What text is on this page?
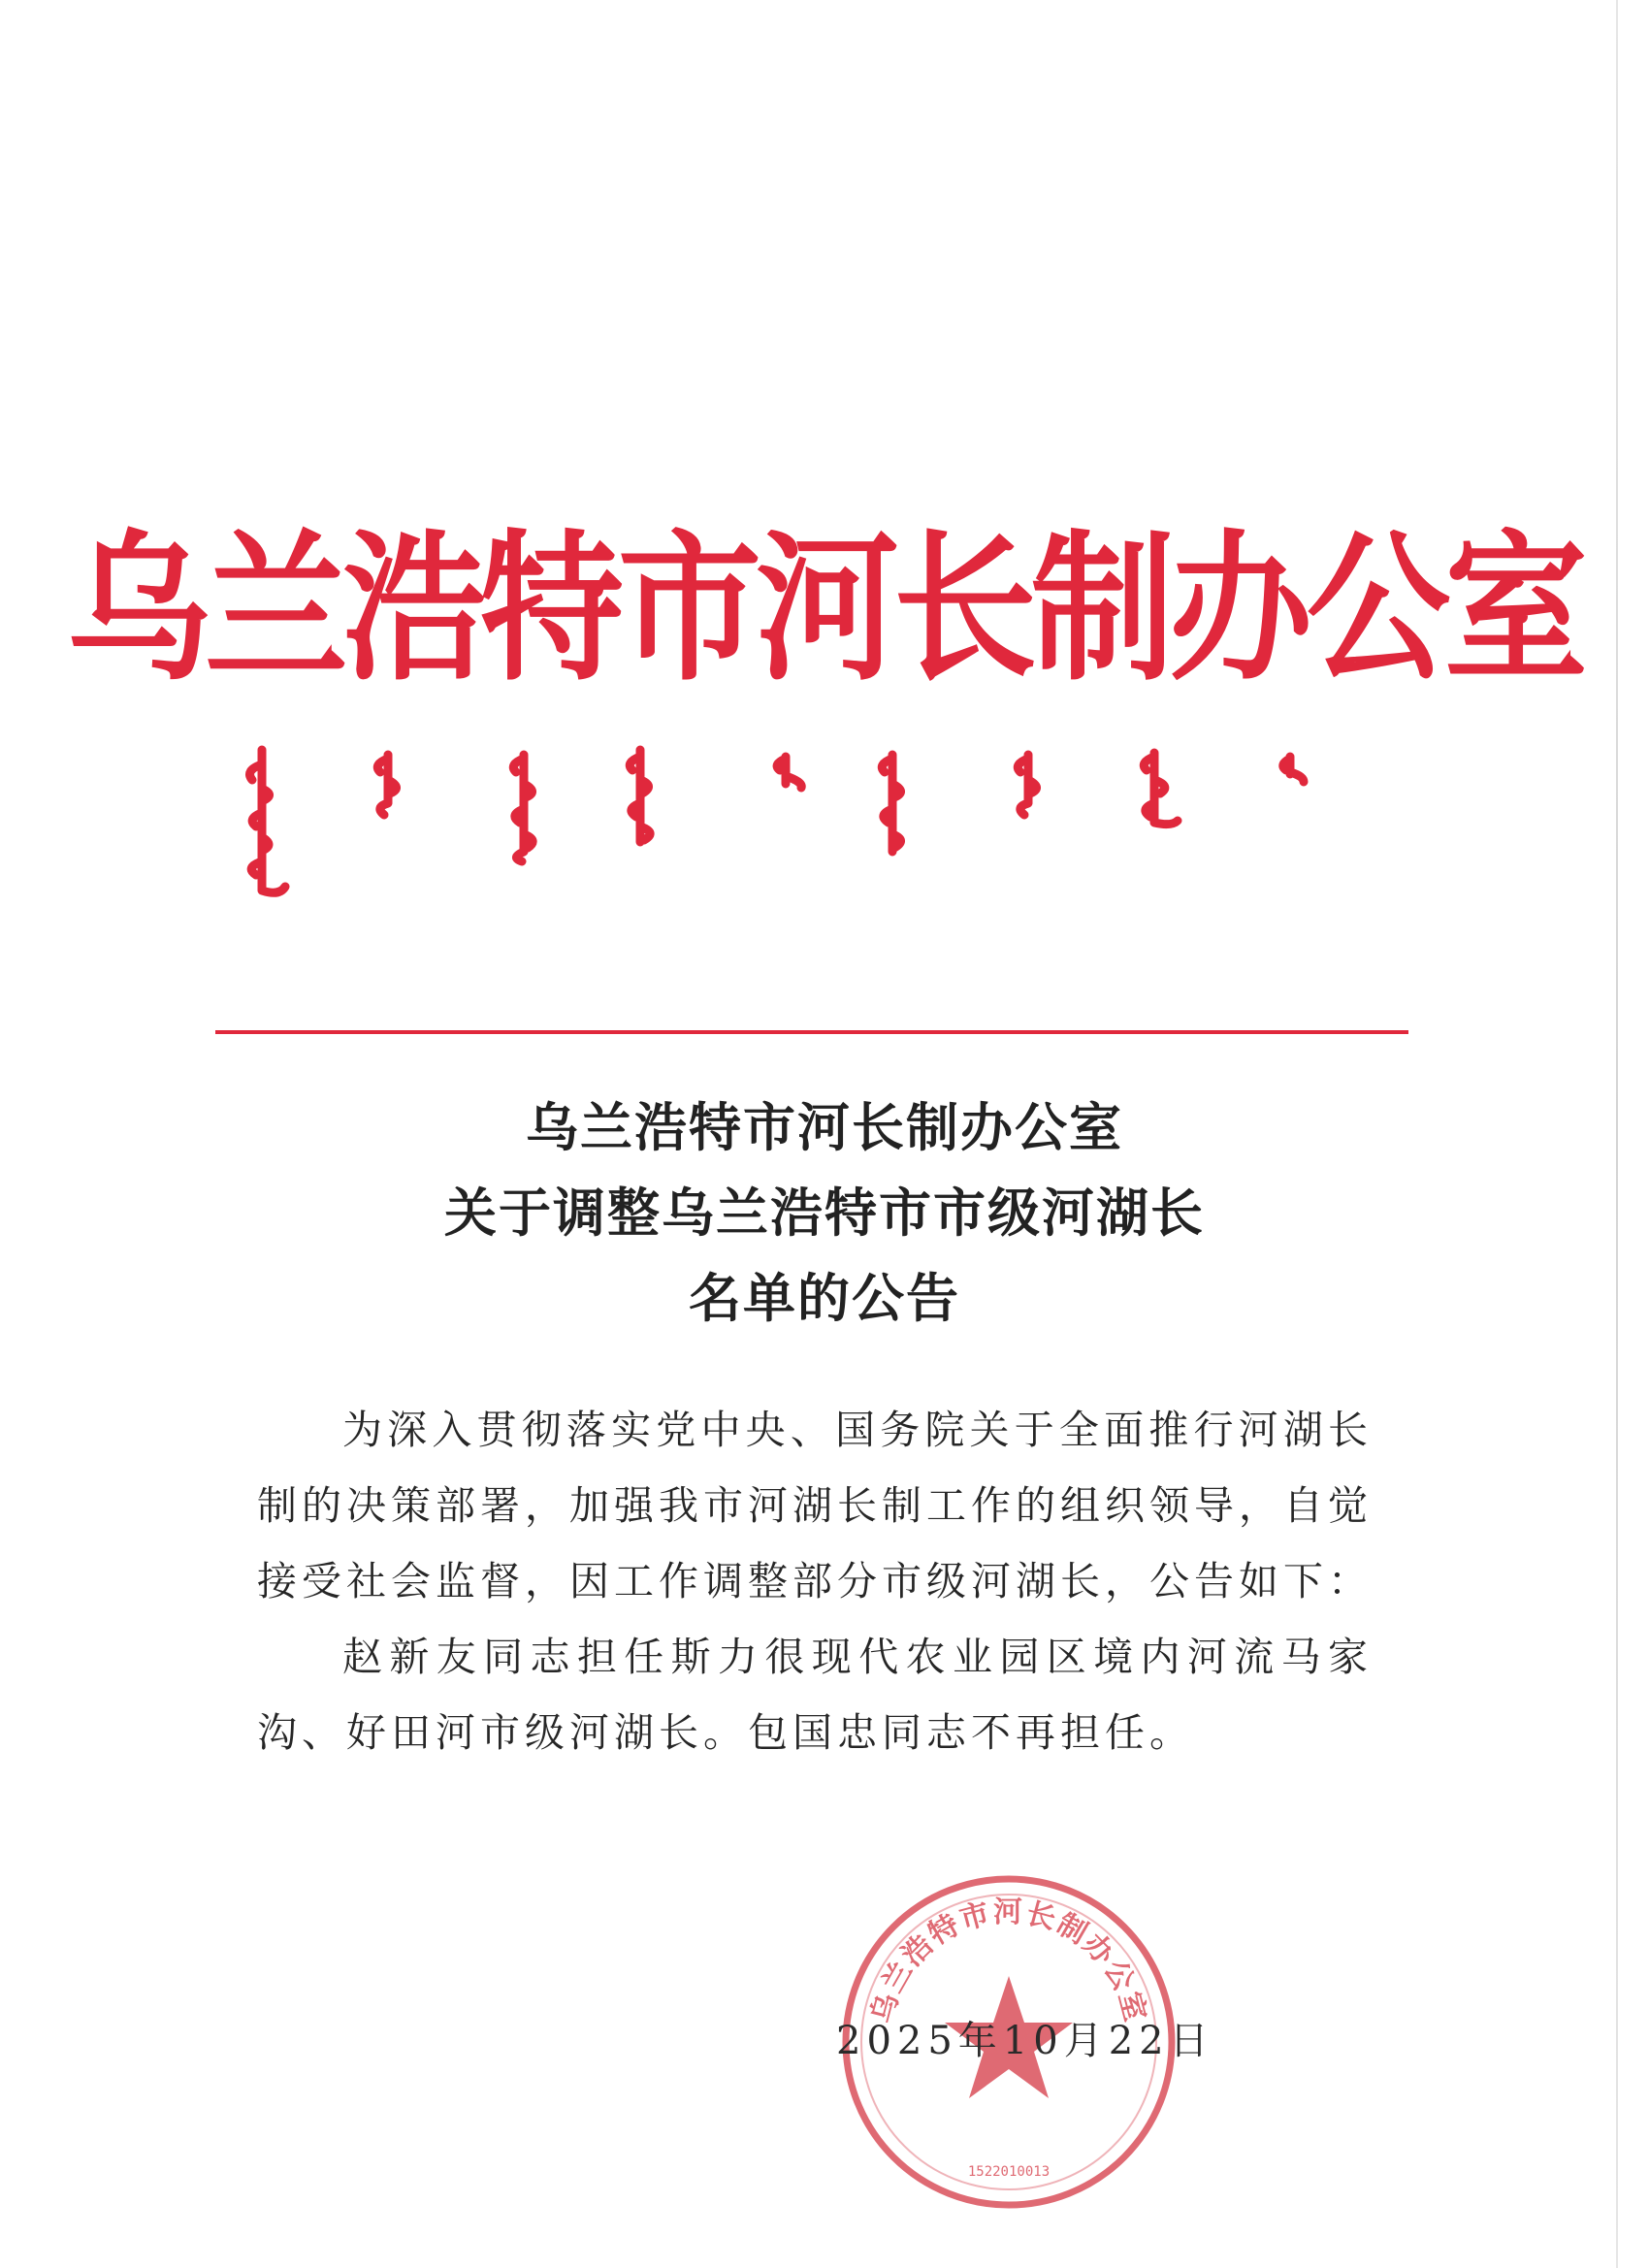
乌兰浩特市河长制办公室
乌兰浩特市河长制办公室
关于调整乌兰浩特市市级河湖长
名单的公告

为深入贯彻落实党中央、国务院关于全面推行河湖长制的决策部署，加强我市河湖长制工作的组织领导，自觉接受社会监督，因工作调整部分市级河湖长，公告如下：

赵新友同志担任斯力很现代农业园区境内河流马家沟、好田河市级河湖长。包国忠同志不再担任。

乌兰浩特市河长制办公室
1522010013
2025年10月22日
